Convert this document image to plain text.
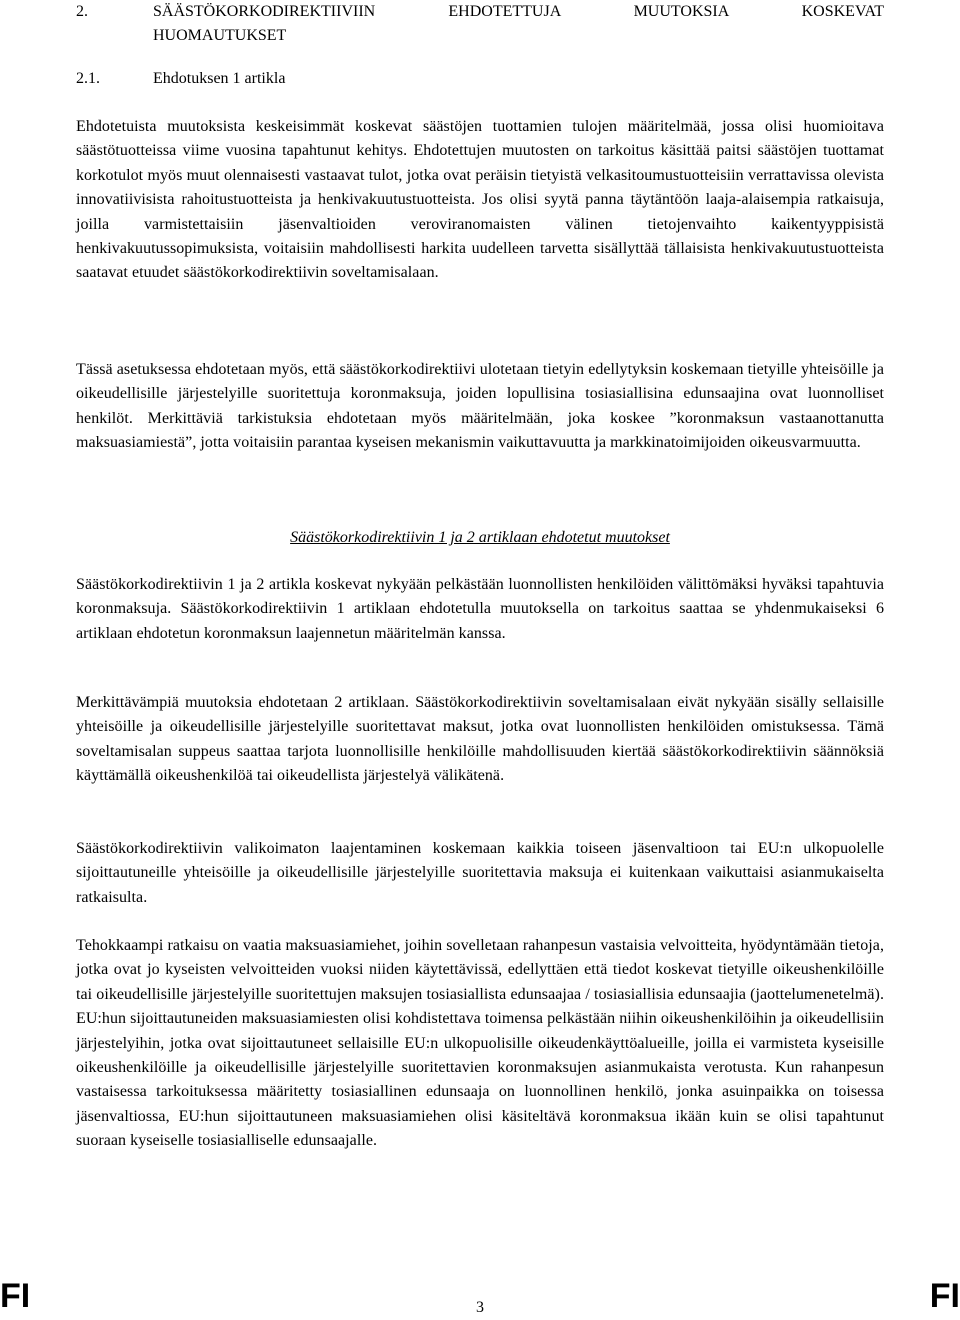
2.	SÄÄSTÖKORKODIREKTIIVIIN EHDOTETTUJA MUUTOKSIA KOSKEVAT
HUOMAUTUKSET
2.1.	Ehdotuksen 1 artikla

Ehdotetuista muutoksista keskeisimmät koskevat säästöjen tuottamien tulojen määritelmää, jossa olisi huomioitava säästötuotteissa viime vuosina tapahtunut kehitys. Ehdotettujen muutosten on tarkoitus käsittää paitsi säästöjen tuottamat korkotulot myös muut olennaisesti vastaavat tulot, jotka ovat peräisin tietyistä velkasitoumustuotteisiin verrattavissa olevista innovatiivisista rahoitustuotteista ja henkivakuutustuotteista. Jos olisi syytä panna täytäntöön laaja-alaisempia ratkaisuja, joilla varmistettaisiin jäsenvaltioiden veroviranomaisten välinen tietojenvaihto kaikentyyppisistä henkivakuutussopimuksista, voitaisiin mahdollisesti harkita uudelleen tarvetta sisällyttää tällaisista henkivakuutustuotteista saatavat etuudet säästökorkodirektiivin soveltamisalaan.

Tässä asetuksessa ehdotetaan myös, että säästökorkodirektiivi ulotetaan tietyin edellytyksin koskemaan tietyille yhteisöille ja oikeudellisille järjestelyille suoritettuja koronmaksuja, joiden lopullisina tosiasiallisina edunsaajina ovat luonnolliset henkilöt. Merkittäviä tarkistuksia ehdotetaan myös määritelmään, joka koskee ”koronmaksun vastaanottanutta maksuasiamiestä”, jotta voitaisiin parantaa kyseisen mekanismin vaikuttavuutta ja markkinatoimijoiden oikeusvarmuutta.

Säästökorkodirektiivin 1 ja 2 artiklaan ehdotetut muutokset

Säästökorkodirektiivin 1 ja 2 artikla koskevat nykyään pelkästään luonnollisten henkilöiden välittömäksi hyväksi tapahtuvia koronmaksuja. Säästökorkodirektiivin 1 artiklaan ehdotetulla muutoksella on tarkoitus saattaa se yhdenmukaiseksi 6 artiklaan ehdotetun koronmaksun laajennetun määritelmän kanssa.

Merkittävämpiä muutoksia ehdotetaan 2 artiklaan. Säästökorkodirektiivin soveltamisalaan eivät nykyään sisälly sellaisille yhteisöille ja oikeudellisille järjestelyille suoritettavat maksut, jotka ovat luonnollisten henkilöiden omistuksessa. Tämä soveltamisalan suppeus saattaa tarjota luonnollisille henkilöille mahdollisuuden kiertää säästökorkodirektiivin säännöksiä käyttämällä oikeushenkilöä tai oikeudellista järjestelyä välikätenä.

Säästökorkodirektiivin valikoimaton laajentaminen koskemaan kaikkia toiseen jäsenvaltioon tai EU:n ulkopuolelle sijoittautuneille yhteisöille ja oikeudellisille järjestelyille suoritettavia maksuja ei kuitenkaan vaikuttaisi asianmukaiselta ratkaisulta.

Tehokkaampi ratkaisu on vaatia maksuasiamiehet, joihin sovelletaan rahanpesun vastaisia velvoitteita, hyödyntämään tietoja, jotka ovat jo kyseisten velvoitteiden vuoksi niiden käytettävissä, edellyttäen että tiedot koskevat tietyille oikeushenkilöille tai oikeudellisille järjestelyille suoritettujen maksujen tosiasiallista edunsaajaa / tosiasiallisia edunsaajia (jaottelumenetelmä). EU:hun sijoittautuneiden maksuasiamiesten olisi kohdistettava toimensa pelkästään niihin oikeushenkilöihin ja oikeudellisiin järjestelyihin, jotka ovat sijoittautuneet sellaisille EU:n ulkopuolisille oikeudenkäyttöalueille, joilla ei varmisteta kyseisille oikeushenkilöille ja oikeudellisille järjestelyille suoritettavien koronmaksujen asianmukaista verotusta. Kun rahanpesun vastaisessa tarkoituksessa määritetty tosiasiallinen edunsaaja on luonnollinen henkilö, jonka asuinpaikka on toisessa jäsenvaltiossa, EU:hun sijoittautuneen maksuasiamiehen olisi käsiteltävä koronmaksua ikään kuin se olisi tapahtunut suoraan kyseiselle tosiasialliselle edunsaajalle.

FI	3	FI
